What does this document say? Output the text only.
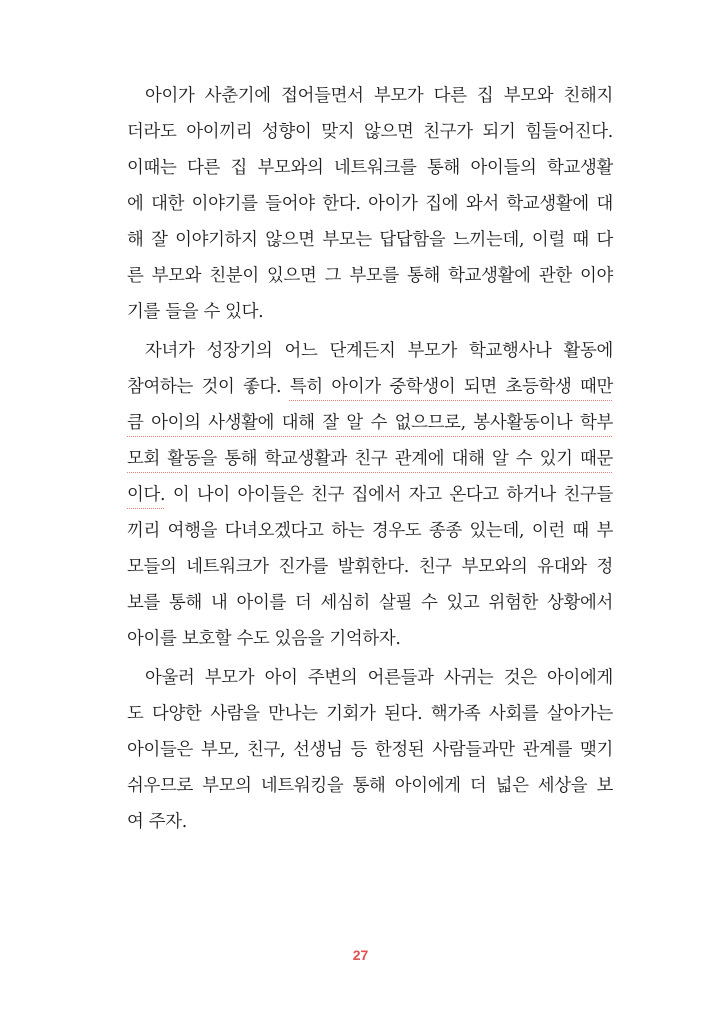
아이가 사춘기에 접어들면서 부모가 다른 집 부모와 친해지
더라도 아이끼리 성향이 맞지 않으면 친구가 되기 힘들어진다.
이때는 다른 집 부모와의 네트워크를 통해 아이들의 학교생활
에 대한 이야기를 들어야 한다. 아이가 집에 와서 학교생활에 대
해 잘 이야기하지 않으면 부모는 답답함을 느끼는데, 이럴 때 다
른 부모와 친분이 있으면 그 부모를 통해 학교생활에 관한 이야
기를 들을 수 있다.
자녀가 성장기의 어느 단계든지 부모가 학교행사나 활동에
참여하는 것이 좋다. 특히 아이가 중학생이 되면 초등학생 때만
큼 아이의 사생활에 대해 잘 알 수 없으므로, 봉사활동이나 학부
모회 활동을 통해 학교생활과 친구 관계에 대해 알 수 있기 때문
이다. 이 나이 아이들은 친구 집에서 자고 온다고 하거나 친구들
끼리 여행을 다녀오겠다고 하는 경우도 종종 있는데, 이런 때 부
모들의 네트워크가 진가를 발휘한다. 친구 부모와의 유대와 정
보를 통해 내 아이를 더 세심히 살필 수 있고 위험한 상황에서
아이를 보호할 수도 있음을 기억하자.
아울러 부모가 아이 주변의 어른들과 사귀는 것은 아이에게
도 다양한 사람을 만나는 기회가 된다. 핵가족 사회를 살아가는
아이들은 부모, 친구, 선생님 등 한정된 사람들과만 관계를 맺기
쉬우므로 부모의 네트워킹을 통해 아이에게 더 넓은 세상을 보
여 주자.
27
